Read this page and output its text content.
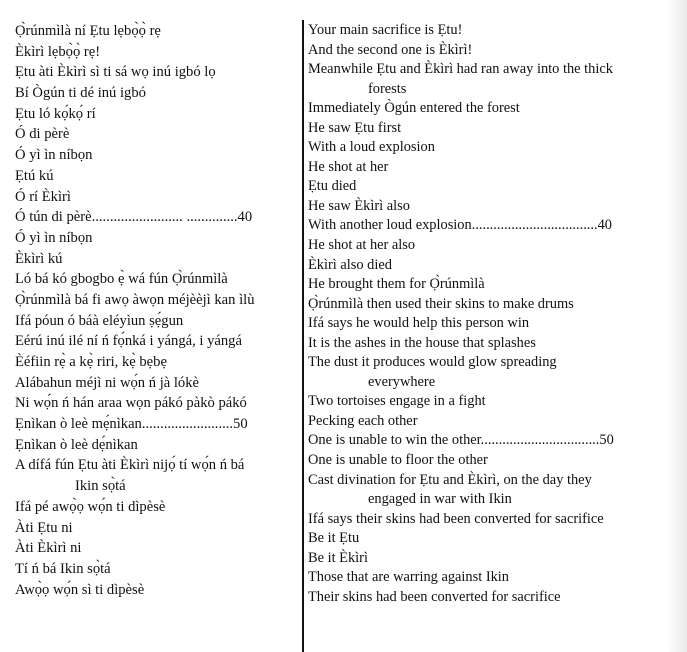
Ọ̀rúnmìlà ní Ẹtu lẹbọ̀ọ̀ rẹ
Èkìrì lẹbọ̀ọ̀ rẹ!
Ẹtu àti Èkìrì sì ti sá wọ inú igbó lọ
Bí Ògún ti dé inú igbó
Ẹtu ló kọ́kọ́ rí
Ó di pèrè
Ó yì ìn níbọn
Ẹtú kú
Ó rí Èkìrì
Ó tún di pèrè......................... ..............40
Ó yì ìn níbọn
Èkìrì kú
Ló bá kó gbogbo ẹ̀ wá fún Ọ̀rúnmìlà
Ọ̀rúnmìlà bá fi awọ àwọn méjèèjì kan ìlù
Ifá póun ó báà eléyìun ṣẹ́gun
Eérú inú ilé ní ń fọ́nká i yángá, i yángá
Èéfiin rẹ̀ a kẹ̀ riri, kẹ̀ bẹbẹ
Alábahun méjì ni wọ́n ń jà lókè
Ni wọ́n ń hán araa wọn pákó pàkò pákó
Ẹnìkan ò leè mẹ́nìkan.........................50
Ẹnìkan ò leè dẹ́nìkan
A dífá fún Ẹtu àti Èkìrì nijọ́ tí wọ́n ń bá
Ikin sọ̀tá
Ifá pé awọ̀ọ wọ́n ti dìpèsè
Àti Ẹtu ni
Àti Èkìrì ni
Tí ń bá Ikin sọ̀tá
Awọ̀ọ wọ́n sì ti dìpèsè
Your main sacrifice is Ẹtu!
And the second one is Èkìrì!
Meanwhile Ẹtu and Èkìrì had ran away into the thick
forests
Immediately Ògún entered the forest
He saw Ẹtu first
With a loud explosion
He shot at her
Ẹtu died
He saw Èkìrì also
With another loud explosion...................................40
He shot at her also
Èkìrì also died
He brought them for Ọ̀rúnmìlà
Ọ̀rúnmìlà then used their skins to make drums
Ifá says he would help this person win
It is the ashes in the house that splashes
The dust it produces would glow spreading
everywhere
Two tortoises engage in a fight
Pecking each other
One is unable to win the other.................................50
One is unable to floor the other
Cast divination for Ẹtu and Èkìrì, on the day they
engaged in war with Ikin
Ifá says their skins had been converted for sacrifice
Be it Ẹtu
Be it Èkìrì
Those that are warring against Ikin
Their skins had been converted for sacrifice
